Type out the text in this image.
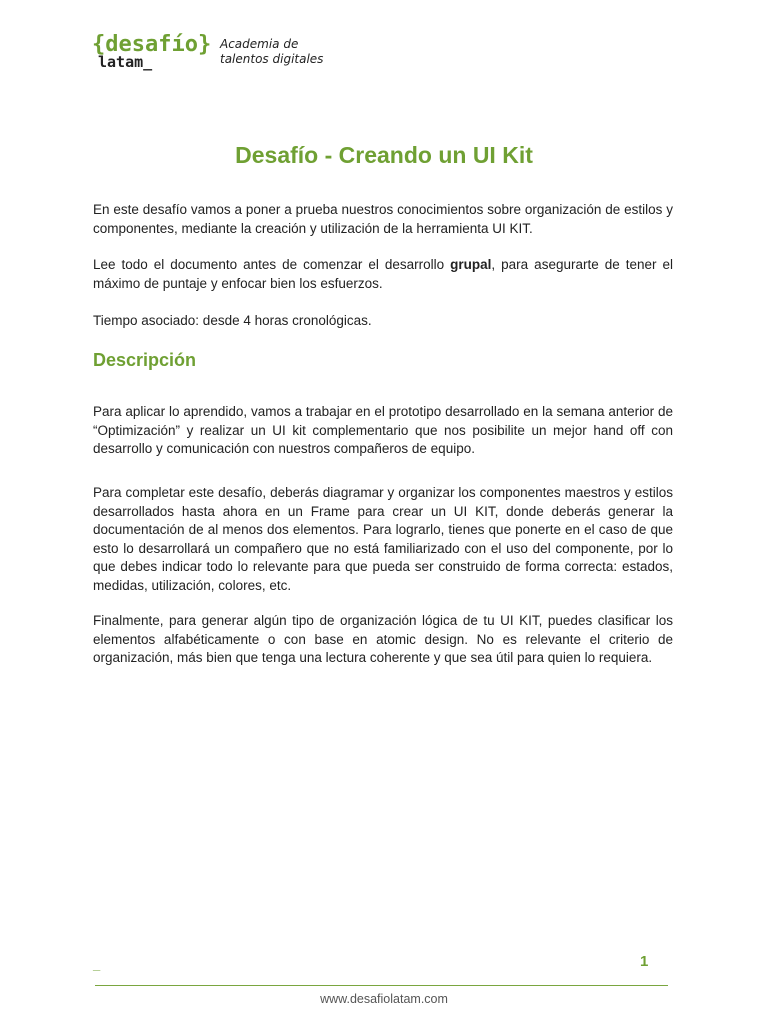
{desafío}
latam_
Academia de
talentos digitales
Desafío - Creando un UI Kit

En este desafío vamos a poner a prueba nuestros conocimientos sobre organización de estilos y componentes, mediante la creación y utilización de la herramienta UI KIT.

Lee todo el documento antes de comenzar el desarrollo grupal, para asegurarte de tener el máximo de puntaje y enfocar bien los esfuerzos.

Tiempo asociado: desde 4 horas cronológicas.

Descripción

Para aplicar lo aprendido, vamos a trabajar en el prototipo desarrollado en la semana anterior de “Optimización” y realizar un UI kit complementario que nos posibilite un mejor hand off con desarrollo y comunicación con nuestros compañeros de equipo.

Para completar este desafío, deberás diagramar y organizar los componentes maestros y estilos desarrollados hasta ahora en un Frame para crear un UI KIT, donde deberás generar la documentación de al menos dos elementos. Para lograrlo, tienes que ponerte en el caso de que esto lo desarrollará un compañero que no está familiarizado con el uso del componente, por lo que debes indicar todo lo relevante para que pueda ser construido de forma correcta: estados, medidas, utilización, colores, etc.

Finalmente, para generar algún tipo de organización lógica de tu UI KIT, puedes clasificar los elementos alfabéticamente o con base en atomic design. No es relevante el criterio de organización, más bien que tenga una lectura coherente y que sea útil para quien lo requiera.

_	1
www.desafiolatam.com
